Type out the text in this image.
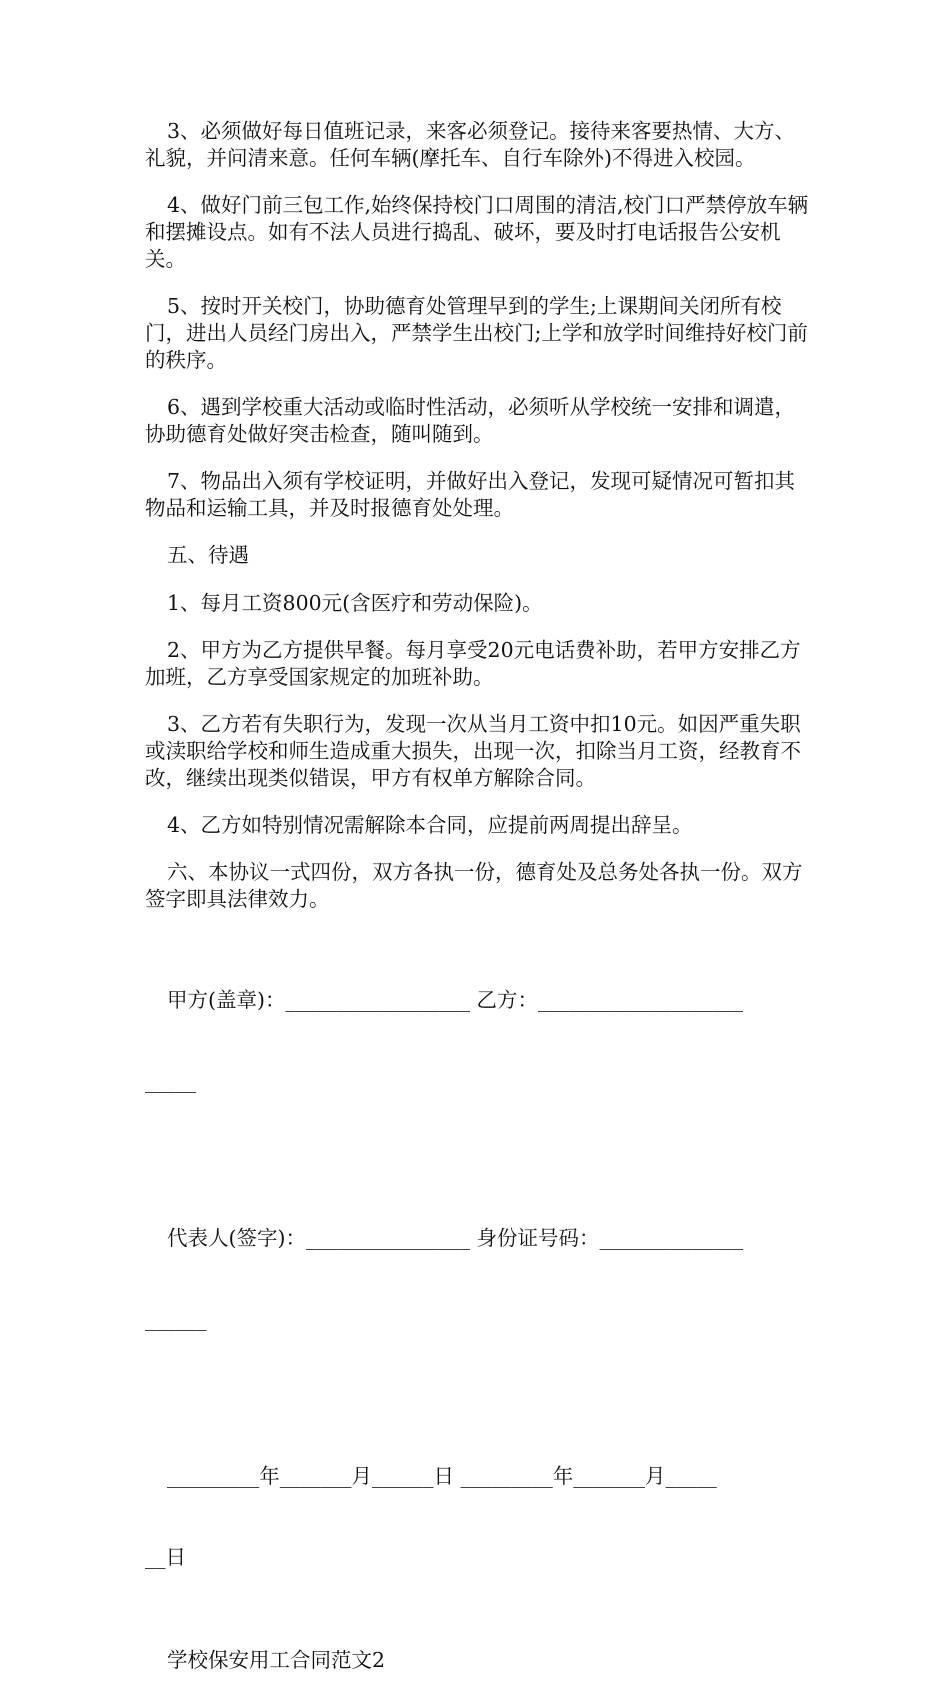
3、必须做好每日值班记录，来客必须登记。接待来客要热情、大方、礼貌，并问清来意。任何车辆(摩托车、自行车除外)不得进入校园。

4、做好门前三包工作,始终保持校门口周围的清洁,校门口严禁停放车辆和摆摊设点。如有不法人员进行捣乱、破坏，要及时打电话报告公安机关。

5、按时开关校门，协助德育处管理早到的学生;上课期间关闭所有校门，进出人员经门房出入，严禁学生出校门;上学和放学时间维持好校门前的秩序。

6、遇到学校重大活动或临时性活动，必须听从学校统一安排和调遣，协助德育处做好突击检查，随叫随到。

7、物品出入须有学校证明，并做好出入登记，发现可疑情况可暂扣其物品和运输工具，并及时报德育处处理。

五、待遇

1、每月工资800元(含医疗和劳动保险)。

2、甲方为乙方提供早餐。每月享受20元电话费补助，若甲方安排乙方加班，乙方享受国家规定的加班补助。

3、乙方若有失职行为，发现一次从当月工资中扣10元。如因严重失职或渎职给学校和师生造成重大损失，出现一次，扣除当月工资，经教育不改，继续出现类似错误，甲方有权单方解除合同。

4、乙方如特别情况需解除本合同，应提前两周提出辞呈。

六、本协议一式四份，双方各执一份，德育处及总务处各执一份。双方签字即具法律效力。

甲方(盖章)：__________________ 乙方：____________________

_____

代表人(签字)：________________ 身份证号码：______________

______

_________年_______月______日 _________年_______月_____

__日

学校保安用工合同范文2
